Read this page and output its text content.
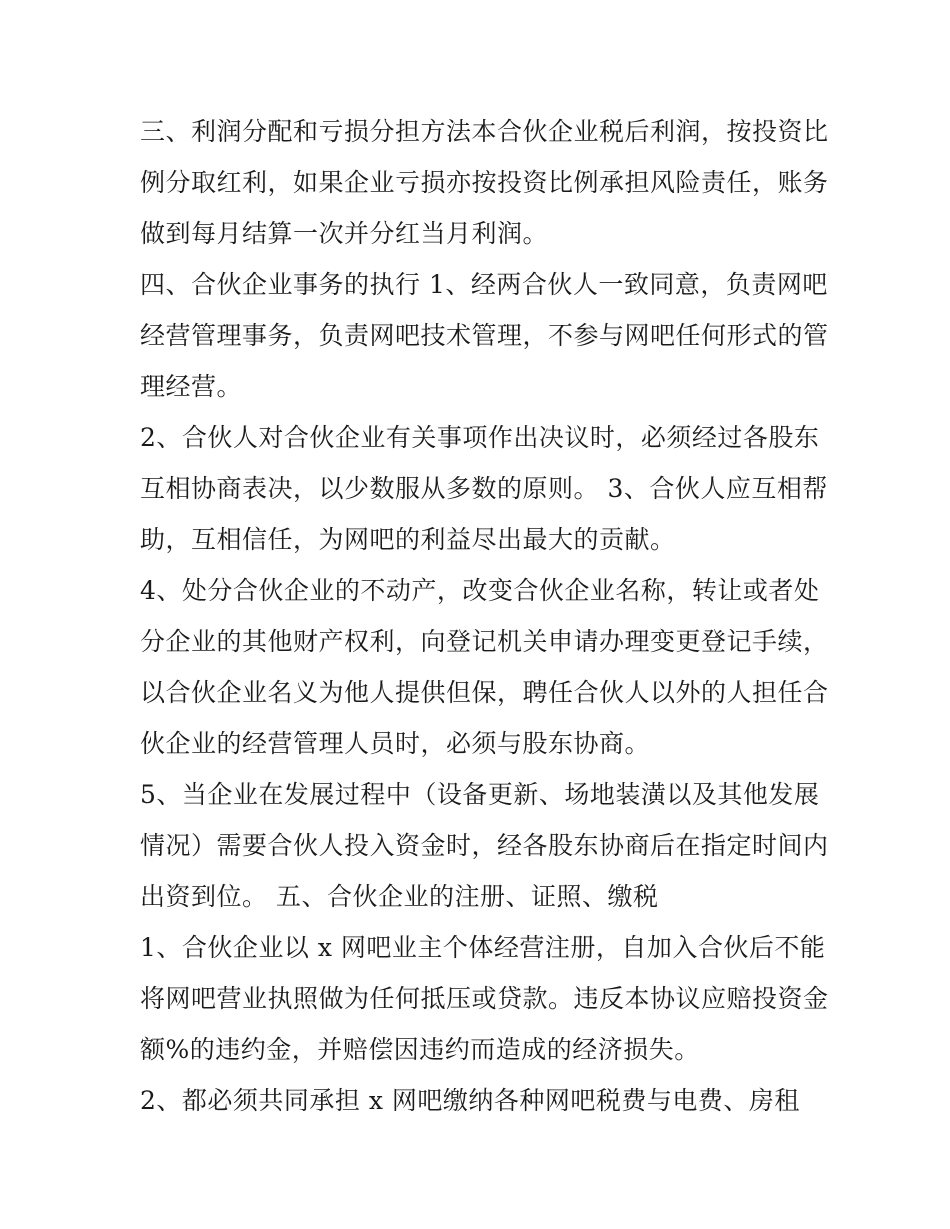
三、利润分配和亏损分担方法本合伙企业税后利润，按投资比
例分取红利，如果企业亏损亦按投资比例承担风险责任，账务
做到每月结算一次并分红当月利润。

四、合伙企业事务的执行 1、经两合伙人一致同意，负责网吧
经营管理事务，负责网吧技术管理，不参与网吧任何形式的管
理经营。

2、合伙人对合伙企业有关事项作出决议时，必须经过各股东
互相协商表决，以少数服从多数的原则。 3、合伙人应互相帮
助，互相信任，为网吧的利益尽出最大的贡献。

4、处分合伙企业的不动产，改变合伙企业名称，转让或者处
分企业的其他财产权利，向登记机关申请办理变更登记手续，
以合伙企业名义为他人提供但保，聘任合伙人以外的人担任合
伙企业的经营管理人员时，必须与股东协商。

5、当企业在发展过程中（设备更新、场地装潢以及其他发展
情况）需要合伙人投入资金时，经各股东协商后在指定时间内
出资到位。 五、合伙企业的注册、证照、缴税

1、合伙企业以 x 网吧业主个体经营注册，自加入合伙后不能
将网吧营业执照做为任何抵压或贷款。违反本协议应赔投资金
额%的违约金，并赔偿因违约而造成的经济损失。

2、都必须共同承担 x 网吧缴纳各种网吧税费与电费、房租
